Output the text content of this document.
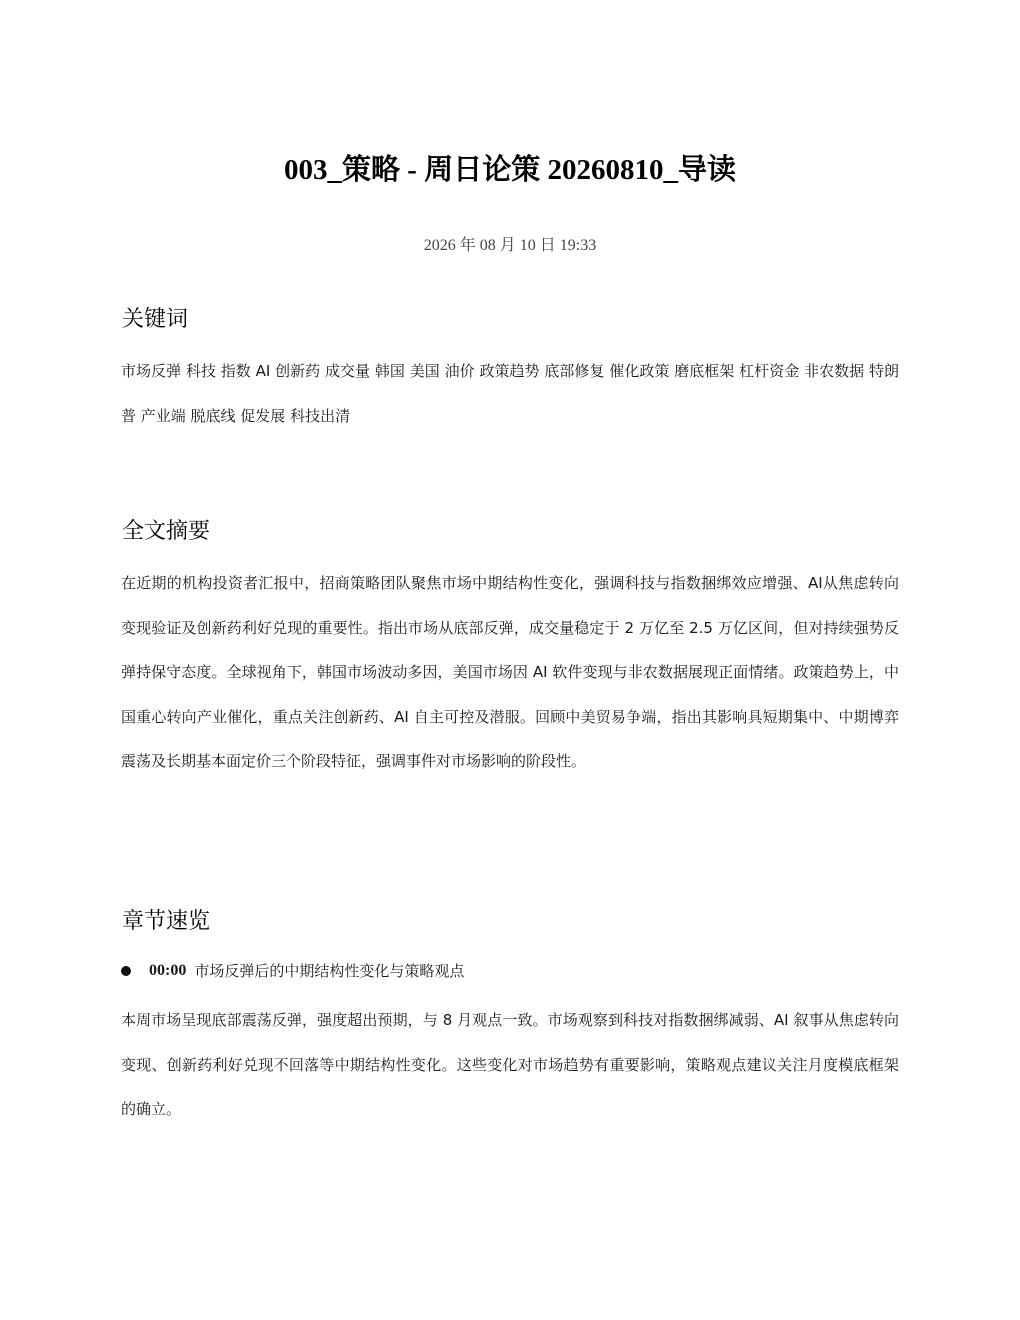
003_策略 - 周日论策 20260810_导读
2026 年 08 月 10 日 19:33
关键词
市场反弹 科技 指数 AI 创新药 成交量 韩国 美国 油价 政策趋势 底部修复 催化政策 磨底框架 杠杆资金 非农数据 特朗普 产业端 脱底线 促发展 科技出清
全文摘要
在近期的机构投资者汇报中，招商策略团队聚焦市场中期结构性变化，强调科技与指数捆绑效应增强、AI从焦虑转向变现验证及创新药利好兑现的重要性。指出市场从底部反弹，成交量稳定于 2 万亿至 2.5 万亿区间，但对持续强势反弹持保守态度。全球视角下，韩国市场波动多因，美国市场因 AI 软件变现与非农数据展现正面情绪。政策趋势上，中国重心转向产业催化，重点关注创新药、AI 自主可控及潜服。回顾中美贸易争端，指出其影响具短期集中、中期博弈震荡及长期基本面定价三个阶段特征，强调事件对市场影响的阶段性。
章节速览
00:00 市场反弹后的中期结构性变化与策略观点
本周市场呈现底部震荡反弹，强度超出预期，与 8 月观点一致。市场观察到科技对指数捆绑减弱、AI 叙事从焦虑转向变现、创新药利好兑现不回落等中期结构性变化。这些变化对市场趋势有重要影响，策略观点建议关注月度模底框架的确立。
